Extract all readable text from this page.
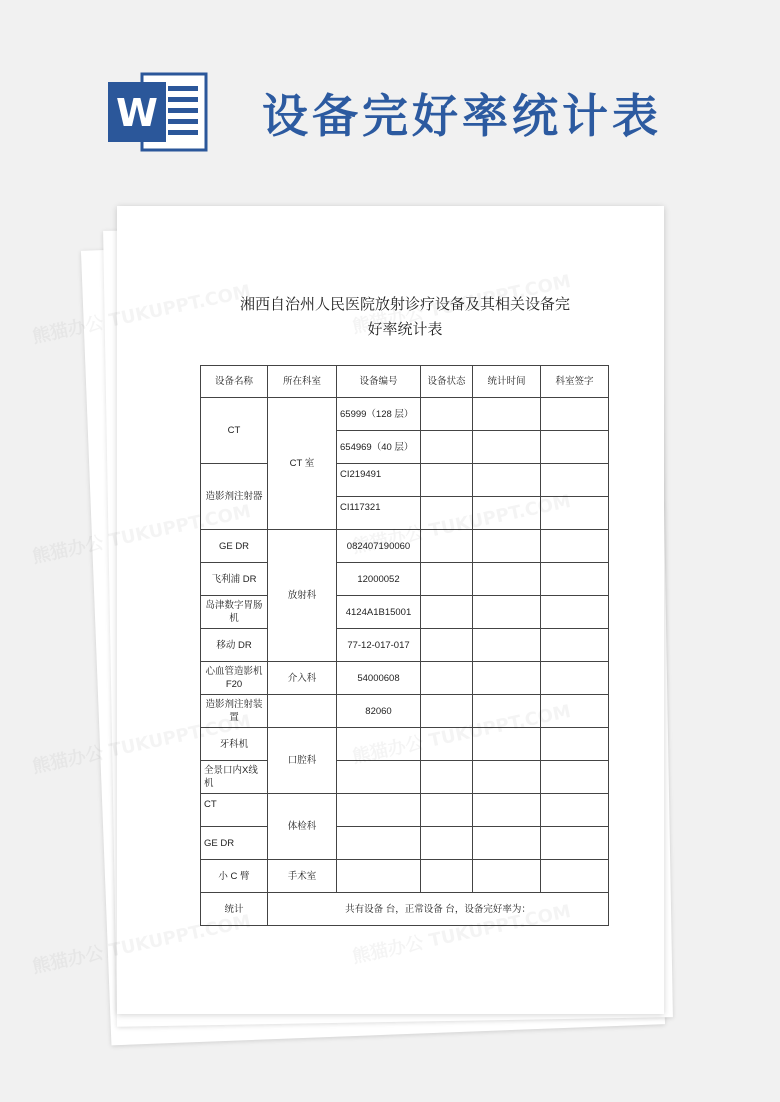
W 设备完好率统计表
湘西自治州人民医院放射诊疗设备及其相关设备完
好率统计表
设备名称	所在科室	设备编号	设备状态	统计时间	科室签字
CT	CT 室	65999（128 层）			
		654969（40 层）			
造影剂注射器		CI219491			
		CI117321			
GE DR	放射科	082407190060			
飞利浦 DR		12000052			
岛津数字胃肠机		4124A1B15001			
移动 DR		77-12-017-017			
心血管造影机 F20	介入科	54000608			
造影剂注射装置		82060			
牙科机	口腔科				
全景口内X线机					
CT	体检科				
GE DR					
小 C 臂	手术室				
统计	共有设备 台，正常设备 台，设备完好率为：				
